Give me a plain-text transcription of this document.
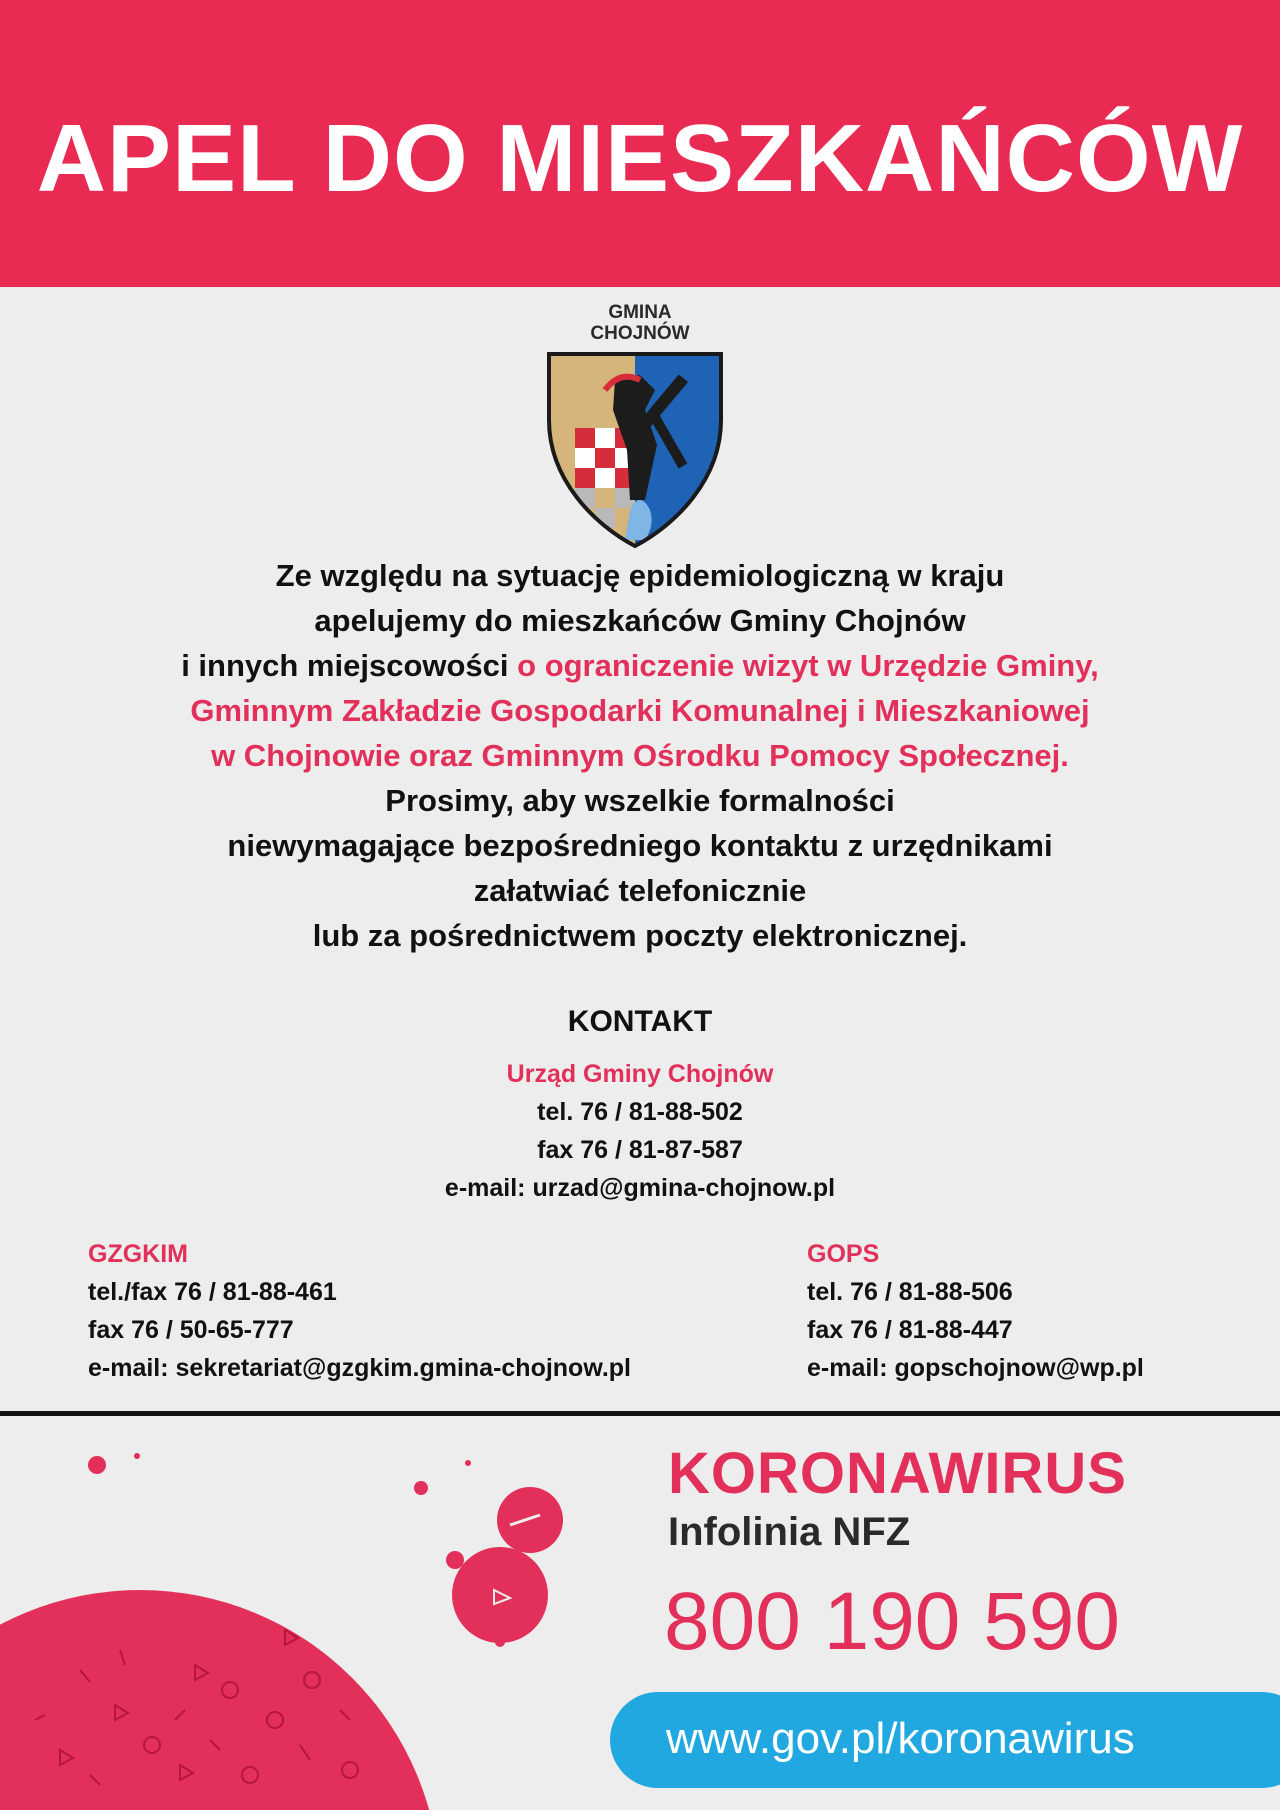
APEL DO MIESZKAŃCÓW
GMINA
CHOJNÓW
Ze względu na sytuację epidemiologiczną w kraju
apelujemy do mieszkańców Gminy Chojnów
i innych miejscowości o ograniczenie wizyt w Urzędzie Gminy,
Gminnym Zakładzie Gospodarki Komunalnej i Mieszkaniowej
w Chojnowie oraz Gminnym Ośrodku Pomocy Społecznej.
Prosimy, aby wszelkie formalności
niewymagające bezpośredniego kontaktu z urzędnikami
załatwiać telefonicznie
lub za pośrednictwem poczty elektronicznej.
KONTAKT
Urząd Gminy Chojnów
tel. 76 / 81-88-502
fax 76 / 81-87-587
e-mail: urzad@gmina-chojnow.pl
GZGKIM
tel./fax 76 / 81-88-461
fax 76 / 50-65-777
e-mail: sekretariat@gzgkim.gmina-chojnow.pl
GOPS
tel. 76 / 81-88-506
fax 76 / 81-88-447
e-mail: gopschojnow@wp.pl
KORONAWIRUS
Infolinia NFZ
800 190 590
www.gov.pl/koronawirus
